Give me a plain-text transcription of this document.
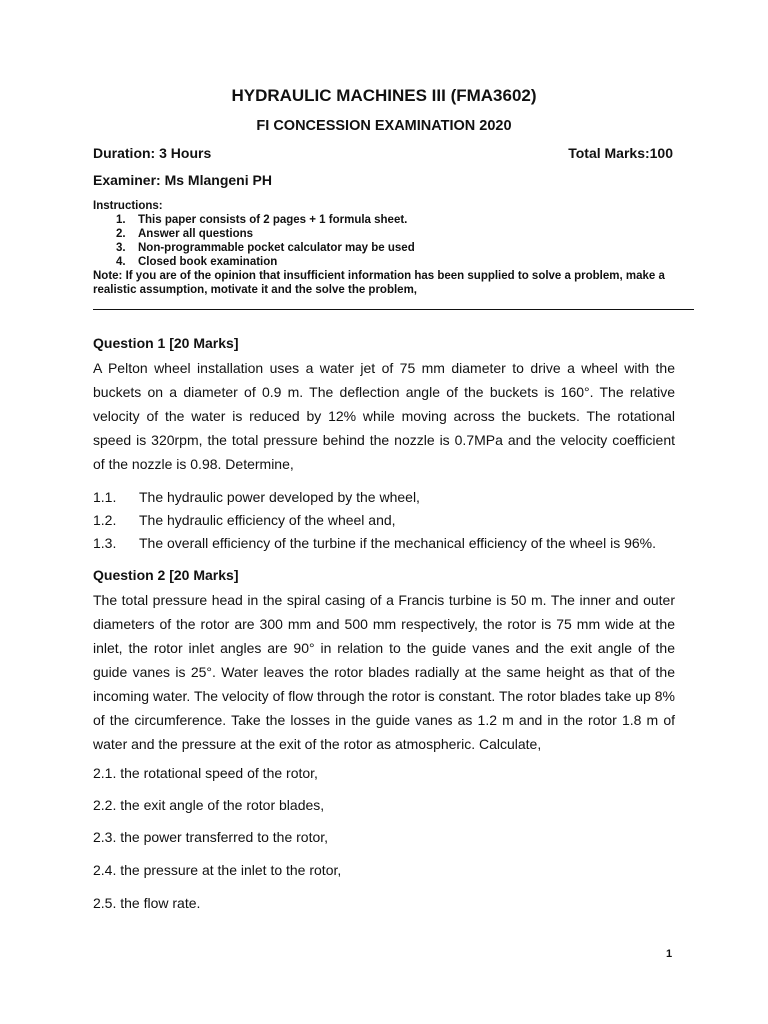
HYDRAULIC MACHINES III (FMA3602)
FI CONCESSION EXAMINATION 2020
Duration: 3 Hours	Total Marks:100
Examiner: Ms Mlangeni PH
Instructions:
1.	This paper consists of 2 pages + 1 formula sheet.
2.	Answer all questions
3.	Non-programmable pocket calculator may be used
4.	Closed book examination
Note: If you are of the opinion that insufficient information has been supplied to solve a problem, make a realistic assumption, motivate it and the solve the problem,
Question 1 [20 Marks]
A Pelton wheel installation uses a water jet of 75 mm diameter to drive a wheel with the buckets on a diameter of 0.9 m. The deflection angle of the buckets is 160°. The relative velocity of the water is reduced by 12% while moving across the buckets. The rotational speed is 320rpm, the total pressure behind the nozzle is 0.7MPa and the velocity coefficient of the nozzle is 0.98. Determine,
1.1. The hydraulic power developed by the wheel,
1.2. The hydraulic efficiency of the wheel and,
1.3. The overall efficiency of the turbine if the mechanical efficiency of the wheel is 96%.
Question 2 [20 Marks]
The total pressure head in the spiral casing of a Francis turbine is 50 m. The inner and outer diameters of the rotor are 300 mm and 500 mm respectively, the rotor is 75 mm wide at the inlet, the rotor inlet angles are 90° in relation to the guide vanes and the exit angle of the guide vanes is 25°. Water leaves the rotor blades radially at the same height as that of the incoming water. The velocity of flow through the rotor is constant. The rotor blades take up 8% of the circumference. Take the losses in the guide vanes as 1.2 m and in the rotor 1.8 m of water and the pressure at the exit of the rotor as atmospheric. Calculate,
2.1. the rotational speed of the rotor,
2.2. the exit angle of the rotor blades,
2.3. the power transferred to the rotor,
2.4. the pressure at the inlet to the rotor,
2.5. the flow rate.
1
